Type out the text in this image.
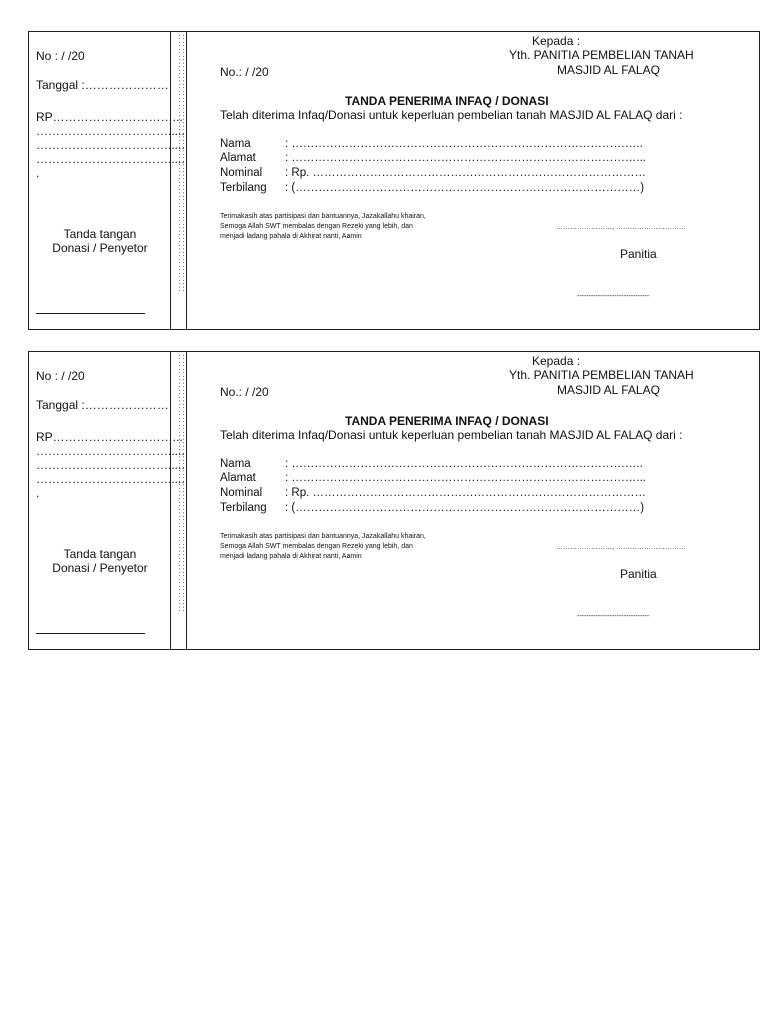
No : / /20
Tanggal :…………………
RP…………………………...
…………………………….....
…………………………….....
…………………………….....
.
Tanda tangan
Donasi / Penyetor	::::::::::::::::::::::::::::::::::::::::::::::::::::::::::::::::::::::::::	Kepada :
Yth. PANITIA PEMBELIAN TANAH
MASJID AL FALAQ
No.: / /20
TANDA PENERIMA INFAQ / DONASI
Telah diterima Infaq/Donasi untuk keperluan pembelian tanah MASJID AL FALAQ dari :
Nama	: ………………………………………………………………………………..
Alamat	: ………………………………………………………………………………...
Nominal : Rp. ……………………………………………………………………………
Terbilang : (………………………………………………………………………………)
Terimakasih atas partisipasi dan bantuannya, Jazakallahu khairan,
Semoga Allah SWT membalas dengan Rezeki yang lebih, dan
menjadi ladang pahala di Akhirat nanti, Aamin
……………………, …………………………
Panitia
-------------------------------
No : / /20
Tanggal :…………………
RP…………………………...
…………………………….....
…………………………….....
…………………………….....
.
Tanda tangan
Donasi / Penyetor	::::::::::::::::::::::::::::::::::::::::::::::::::::::::::::::::::::::::::	Kepada :
Yth. PANITIA PEMBELIAN TANAH
MASJID AL FALAQ
No.: / /20
TANDA PENERIMA INFAQ / DONASI
Telah diterima Infaq/Donasi untuk keperluan pembelian tanah MASJID AL FALAQ dari :
Nama	: ………………………………………………………………………………..
Alamat	: ………………………………………………………………………………...
Nominal : Rp. ……………………………………………………………………………
Terbilang : (………………………………………………………………………………)
Terimakasih atas partisipasi dan bantuannya, Jazakallahu khairan,
Semoga Allah SWT membalas dengan Rezeki yang lebih, dan
menjadi ladang pahala di Akhirat nanti, Aamin
……………………, …………………………
Panitia
-------------------------------
